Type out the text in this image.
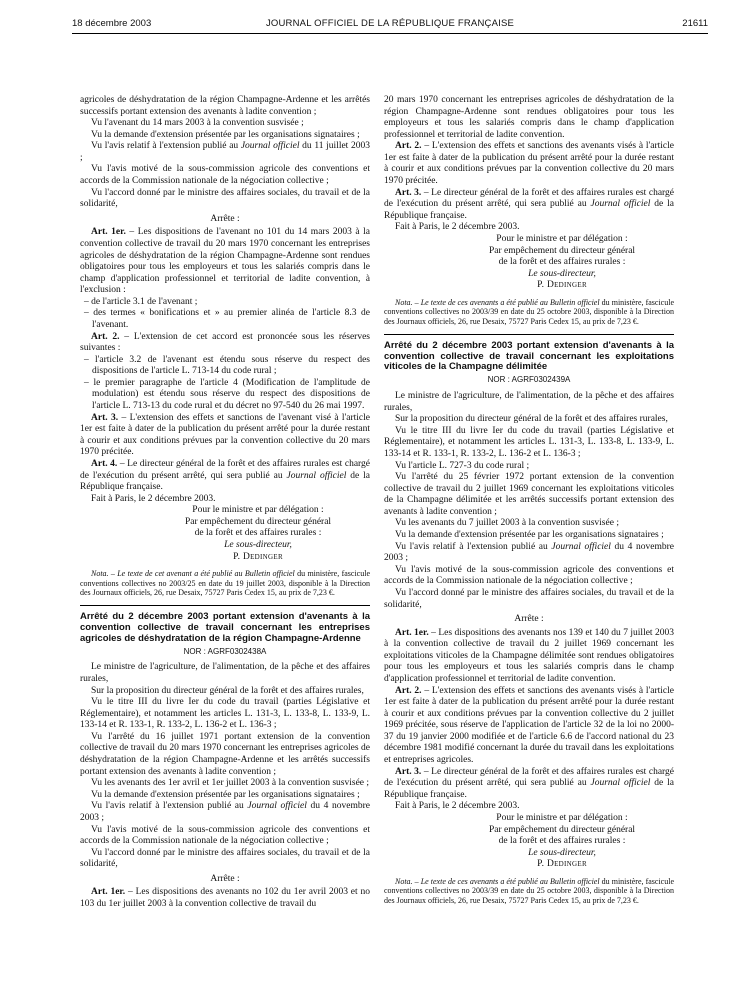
18 décembre 2003	JOURNAL OFFICIEL DE LA RÉPUBLIQUE FRANÇAISE	21611

agricoles de déshydratation de la région Champagne-Ardenne et les arrêtés successifs portant extension des avenants à ladite convention ;

Vu l'avenant du 14 mars 2003 à la convention susvisée ;

Vu la demande d'extension présentée par les organisations signataires ;

Vu l'avis relatif à l'extension publié au Journal officiel du 11 juillet 2003 ;

Vu l'avis motivé de la sous-commission agricole des conventions et accords de la Commission nationale de la négociation collective ;

Vu l'accord donné par le ministre des affaires sociales, du travail et de la solidarité,

Arrête :

Art. 1er. – Les dispositions de l'avenant no 101 du 14 mars 2003 à la convention collective de travail du 20 mars 1970 concernant les entreprises agricoles de déshydratation de la région Champagne-Ardenne sont rendues obligatoires pour tous les employeurs et tous les salariés compris dans le champ d'application professionnel et territorial de ladite convention, à l'exclusion :

– de l'article 3.1 de l'avenant ;
– des termes « bonifications et » au premier alinéa de l'article 8.3 de l'avenant.

Art. 2. – L'extension de cet accord est prononcée sous les réserves suivantes :

– l'article 3.2 de l'avenant est étendu sous réserve du respect des dispositions de l'article L. 713-14 du code rural ;
– le premier paragraphe de l'article 4 (Modification de l'amplitude de modulation) est étendu sous réserve du respect des dispositions de l'article L. 713-13 du code rural et du décret no 97-540 du 26 mai 1997.

Art. 3. – L'extension des effets et sanctions de l'avenant visé à l'article 1er est faite à dater de la publication du présent arrêté pour la durée restant à courir et aux conditions prévues par la convention collective du 20 mars 1970 précitée.

Art. 4. – Le directeur général de la forêt et des affaires rurales est chargé de l'exécution du présent arrêté, qui sera publié au Journal officiel de la République française.

Fait à Paris, le 2 décembre 2003.

Pour le ministre et par délégation :
Par empêchement du directeur général
de la forêt et des affaires rurales :
Le sous-directeur,
P. Dedinger

Nota. – Le texte de cet avenant a été publié au Bulletin officiel du ministère, fascicule conventions collectives no 2003/25 en date du 19 juillet 2003, disponible à la Direction des Journaux officiels, 26, rue Desaix, 75727 Paris Cedex 15, au prix de 7,23 €.

Arrêté du 2 décembre 2003 portant extension d'avenants à la convention collective de travail concernant les entreprises agricoles de déshydratation de la région Champagne-Ardenne

NOR : AGRF0302438A

Le ministre de l'agriculture, de l'alimentation, de la pêche et des affaires rurales,

Sur la proposition du directeur général de la forêt et des affaires rurales,

Vu le titre III du livre Ier du code du travail (parties Législative et Réglementaire), et notamment les articles L. 131-3, L. 133-8, L. 133-9, L. 133-14 et R. 133-1, R. 133-2, L. 136-2 et L. 136-3 ;

Vu l'arrêté du 16 juillet 1971 portant extension de la convention collective de travail du 20 mars 1970 concernant les entreprises agricoles de déshydratation de la région Champagne-Ardenne et les arrêtés successifs portant extension des avenants à ladite convention ;

Vu les avenants des 1er avril et 1er juillet 2003 à la convention susvisée ;

Vu la demande d'extension présentée par les organisations signataires ;

Vu l'avis relatif à l'extension publié au Journal officiel du 4 novembre 2003 ;

Vu l'avis motivé de la sous-commission agricole des conventions et accords de la Commission nationale de la négociation collective ;

Vu l'accord donné par le ministre des affaires sociales, du travail et de la solidarité,

Arrête :

Art. 1er. – Les dispositions des avenants no 102 du 1er avril 2003 et no 103 du 1er juillet 2003 à la convention collective de travail du

20 mars 1970 concernant les entreprises agricoles de déshydratation de la région Champagne-Ardenne sont rendues obligatoires pour tous les employeurs et tous les salariés compris dans le champ d'application professionnel et territorial de ladite convention.

Art. 2. – L'extension des effets et sanctions des avenants visés à l'article 1er est faite à dater de la publication du présent arrêté pour la durée restant à courir et aux conditions prévues par la convention collective du 20 mars 1970 précitée.

Art. 3. – Le directeur général de la forêt et des affaires rurales est chargé de l'exécution du présent arrêté, qui sera publié au Journal officiel de la République française.

Fait à Paris, le 2 décembre 2003.

Pour le ministre et par délégation :
Par empêchement du directeur général
de la forêt et des affaires rurales :
Le sous-directeur,
P. Dedinger

Nota. – Le texte de ces avenants a été publié au Bulletin officiel du ministère, fascicule conventions collectives no 2003/39 en date du 25 octobre 2003, disponible à la Direction des Journaux officiels, 26, rue Desaix, 75727 Paris Cedex 15, au prix de 7,23 €.

Arrêté du 2 décembre 2003 portant extension d'avenants à la convention collective de travail concernant les exploitations viticoles de la Champagne délimitée

NOR : AGRF0302439A

Le ministre de l'agriculture, de l'alimentation, de la pêche et des affaires rurales,

Sur la proposition du directeur général de la forêt et des affaires rurales,

Vu le titre III du livre Ier du code du travail (parties Législative et Réglementaire), et notamment les articles L. 131-3, L. 133-8, L. 133-9, L. 133-14 et R. 133-1, R. 133-2, L. 136-2 et L. 136-3 ;

Vu l'article L. 727-3 du code rural ;

Vu l'arrêté du 25 février 1972 portant extension de la convention collective de travail du 2 juillet 1969 concernant les exploitations viticoles de la Champagne délimitée et les arrêtés successifs portant extension des avenants à ladite convention ;

Vu les avenants du 7 juillet 2003 à la convention susvisée ;

Vu la demande d'extension présentée par les organisations signataires ;

Vu l'avis relatif à l'extension publié au Journal officiel du 4 novembre 2003 ;

Vu l'avis motivé de la sous-commission agricole des conventions et accords de la Commission nationale de la négociation collective ;

Vu l'accord donné par le ministre des affaires sociales, du travail et de la solidarité,

Arrête :

Art. 1er. – Les dispositions des avenants nos 139 et 140 du 7 juillet 2003 à la convention collective de travail du 2 juillet 1969 concernant les exploitations viticoles de la Champagne délimitée sont rendues obligatoires pour tous les employeurs et tous les salariés compris dans le champ d'application professionnel et territorial de ladite convention.

Art. 2. – L'extension des effets et sanctions des avenants visés à l'article 1er est faite à dater de la publication du présent arrêté pour la durée restant à courir et aux conditions prévues par la convention collective du 2 juillet 1969 précitée, sous réserve de l'application de l'article 32 de la loi no 2000-37 du 19 janvier 2000 modifiée et de l'article 6.6 de l'accord national du 23 décembre 1981 modifié concernant la durée du travail dans les exploitations et entreprises agricoles.

Art. 3. – Le directeur général de la forêt et des affaires rurales est chargé de l'exécution du présent arrêté, qui sera publié au Journal officiel de la République française.

Fait à Paris, le 2 décembre 2003.

Pour le ministre et par délégation :
Par empêchement du directeur général
de la forêt et des affaires rurales :
Le sous-directeur,
P. Dedinger

Nota. – Le texte de ces avenants a été publié au Bulletin officiel du ministère, fascicule conventions collectives no 2003/39 en date du 25 octobre 2003, disponible à la Direction des Journaux officiels, 26, rue Desaix, 75727 Paris Cedex 15, au prix de 7,23 €.
